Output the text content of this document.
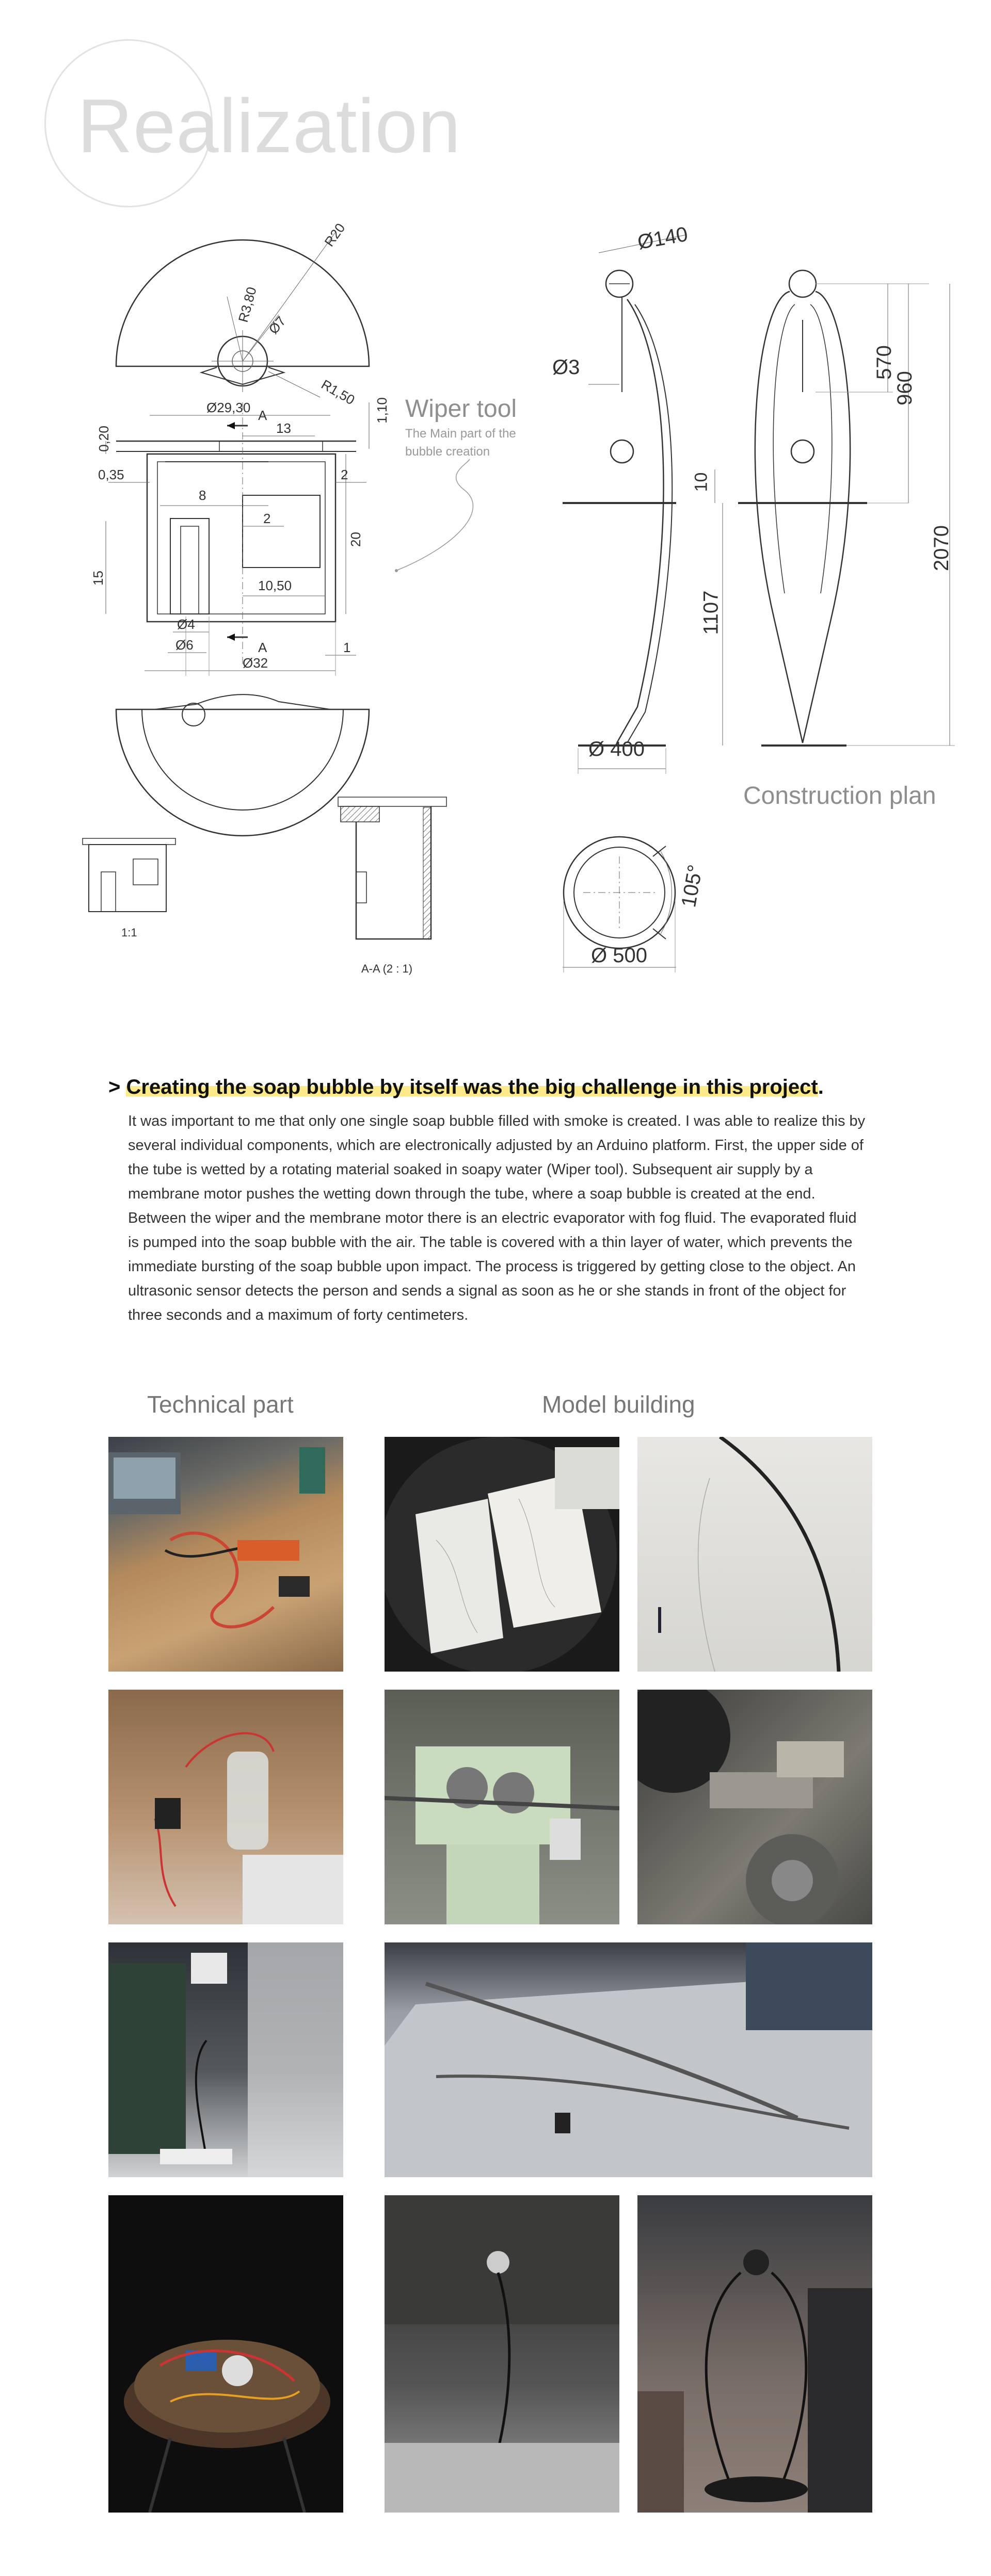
Realization
R20
R3,80
Ø7
R1,50
Ø29,30 A
13
0,20
1,10
0,35	2
8
2
20
15	10,50
A
Ø4
Ø6
Ø32
1
Ø140
Ø3
10
1107
Ø 400
570
960
2070
Ø 500
105°
Wiper tool
The Main part of the
bubble creation
Construction plan
1:1
A-A (2 : 1)
> Creating the soap bubble by itself was the big challenge in this project.
It was important to me that only one single soap bubble filled with smoke is created. I was able to realize this by several individual components, which are electronically adjusted by an Arduino platform. First, the upper side of the tube is wetted by a rotating material soaked in soapy water (Wiper tool). Subsequent air supply by a membrane motor pushes the wetting down through the tube, where a soap bubble is created at the end. Between the wiper and the membrane motor there is an electric evaporator with fog fluid. The evaporated fluid is pumped into the soap bubble with the air. The table is covered with a thin layer of water, which prevents the immediate bursting of the soap bubble upon impact. The process is triggered by getting close to the object. An ultrasonic sensor detects the person and sends a signal as soon as he or she stands in front of the object for three seconds and a maximum of forty centimeters.
Technical part	Model building
